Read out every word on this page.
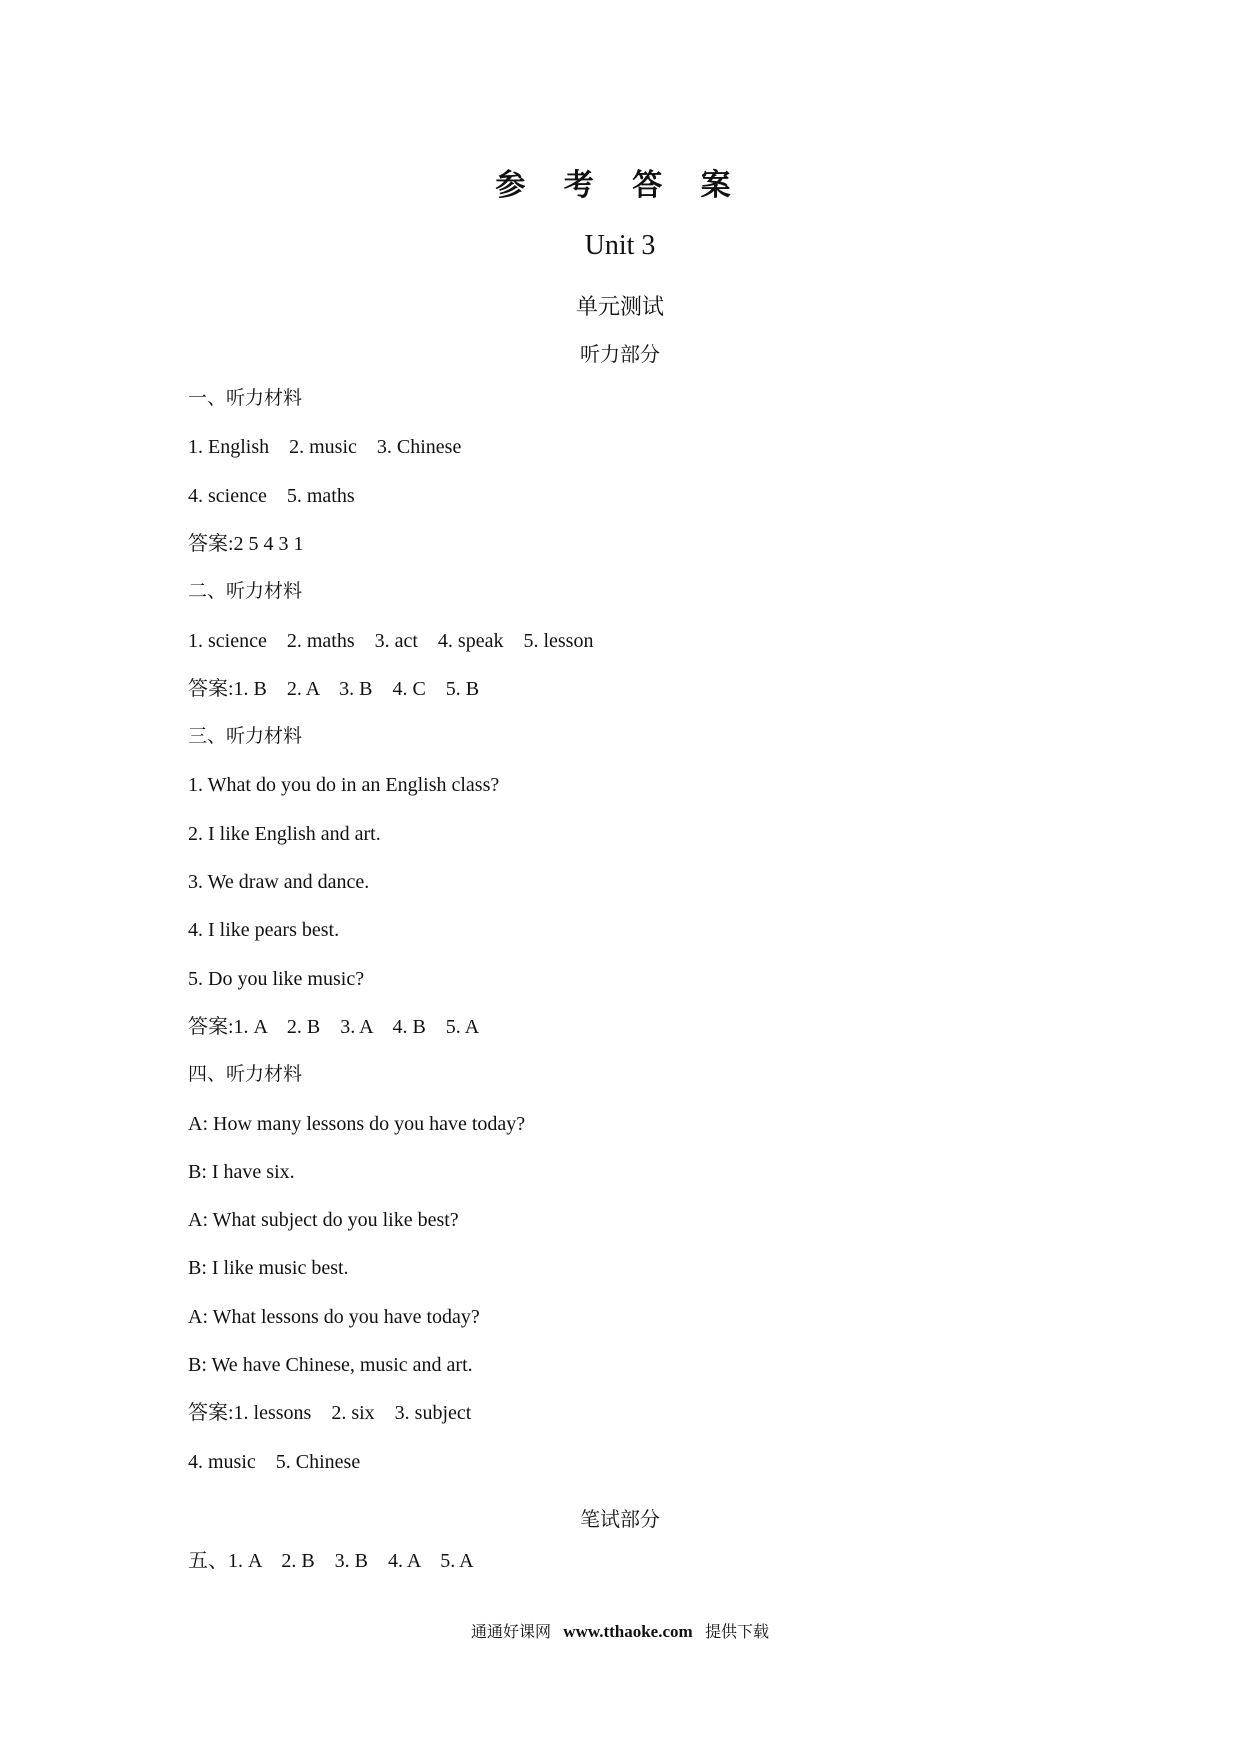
参 考 答 案
Unit 3
单元测试
听力部分
一、听力材料
1. English    2. music    3. Chinese
4. science    5. maths
答案:2 5 4 3 1
二、听力材料
1. science    2. maths    3. act    4. speak    5. lesson
答案:1. B    2. A    3. B    4. C    5. B
三、听力材料
1. What do you do in an English class?
2. I like English and art.
3. We draw and dance.
4. I like pears best.
5. Do you like music?
答案:1. A    2. B    3. A    4. B    5. A
四、听力材料
A: How many lessons do you have today?
B: I have six.
A: What subject do you like best?
B: I like music best.
A: What lessons do you have today?
B: We have Chinese, music and art.
答案:1. lessons    2. six    3. subject
4. music    5. Chinese
笔试部分
五、1. A    2. B    3. B    4. A    5. A
通通好课网 www.tthaoke.com 提供下载
